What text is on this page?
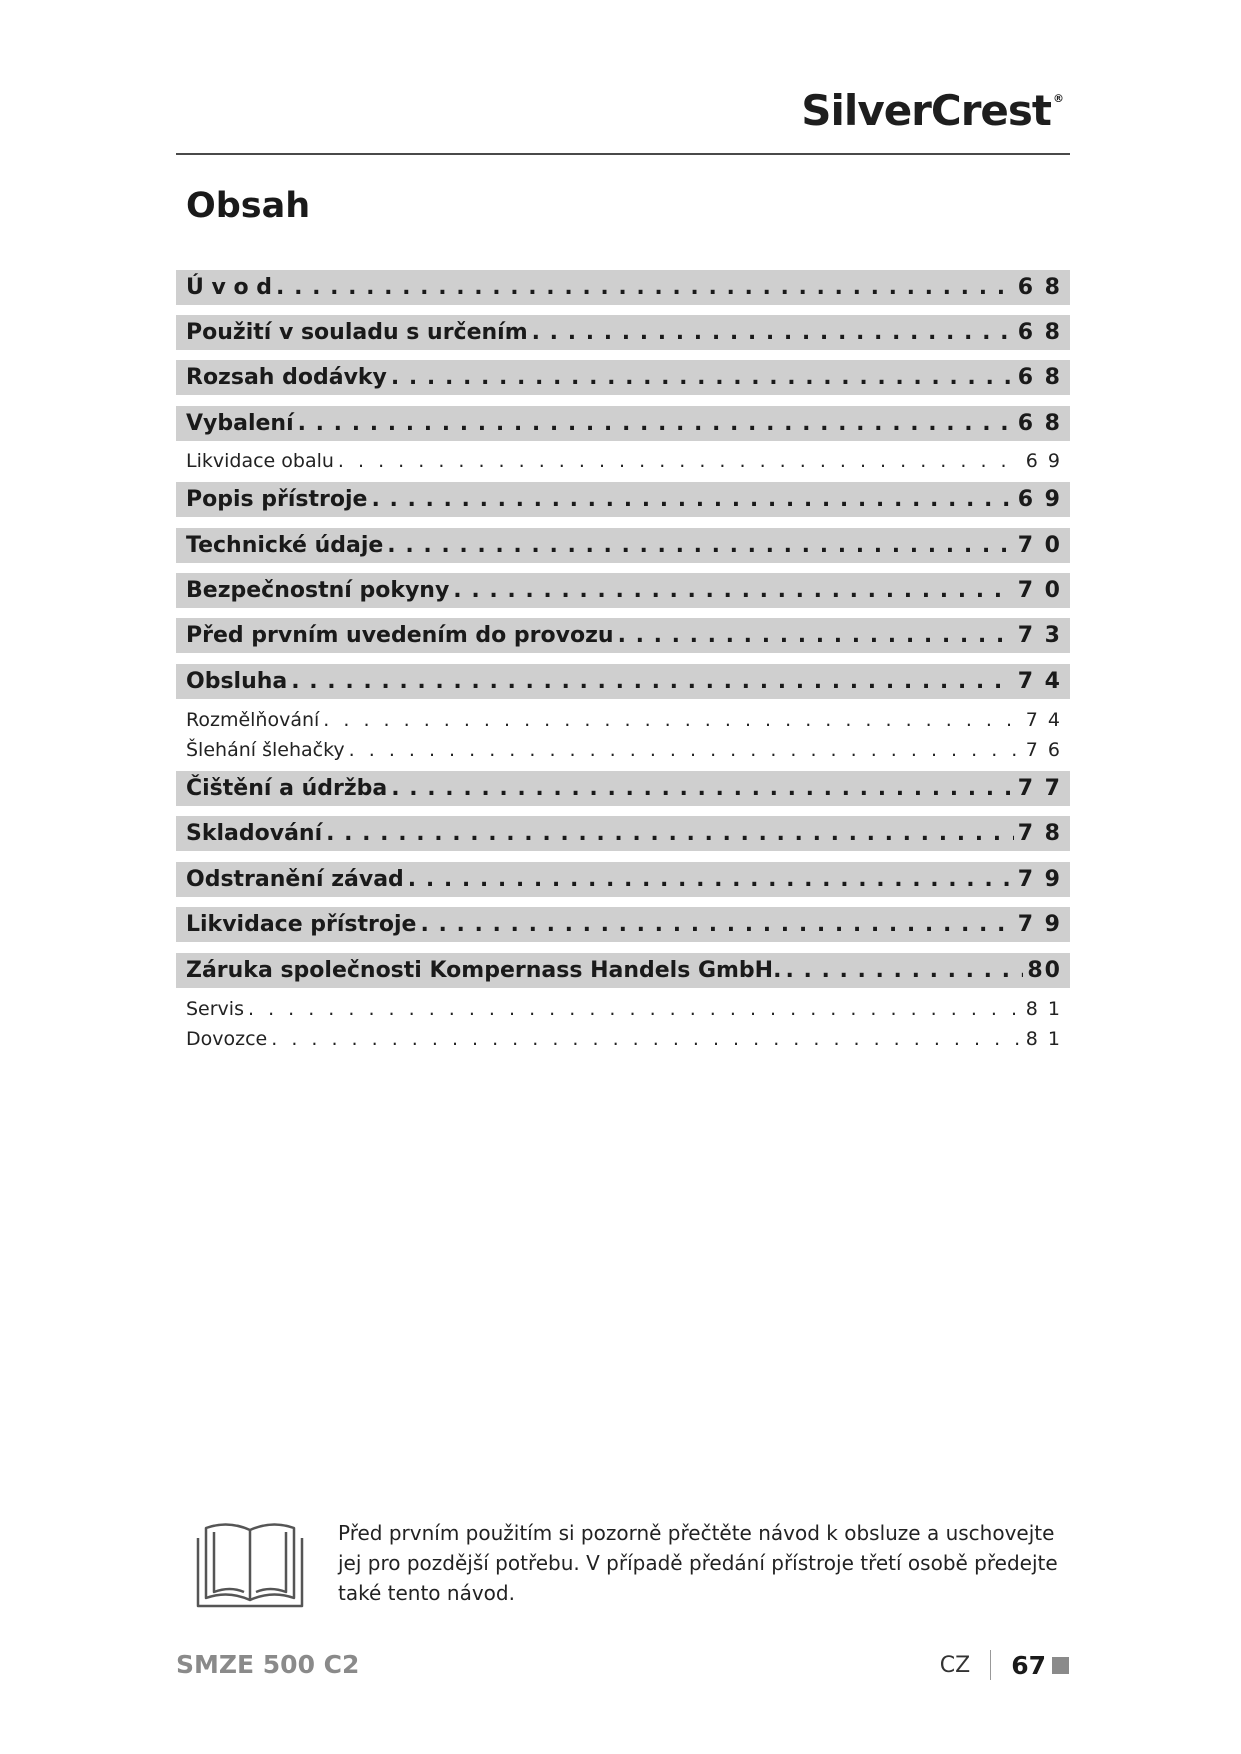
SilverCrest ®
Obsah
Ú v o d . . .	6 8
Použití v souladu s určením . . .	6 8
Rozsah dodávky . . .	6 8
Vybalení . . .	6 8
Likvidace obalu . . .	6 9
Popis přístroje . . .	6 9
Technické údaje . . .	7 0
Bezpečnostní pokyny . . .	7 0
Před prvním uvedením do provozu . . .	7 3
Obsluha . . .	7 4
Rozmělňování . . .	7 4
Šlehání šlehačky . . .	7 6
Čištění a údržba . . .	7 7
Skladování . . .	7 8
Odstranění závad . . .	7 9
Likvidace přístroje . . .	7 9
Záruka společnosti Kompernass Handels GmbH. . . .	80
Servis . . .	8 1
Dovozce . . .	8 1
Před prvním použitím si pozorně přečtěte návod k obsluze a uschovejte jej pro pozdější potřebu. V případě předání přístroje třetí osobě předejte také tento návod.
SMZE 500 C2	CZ 67
